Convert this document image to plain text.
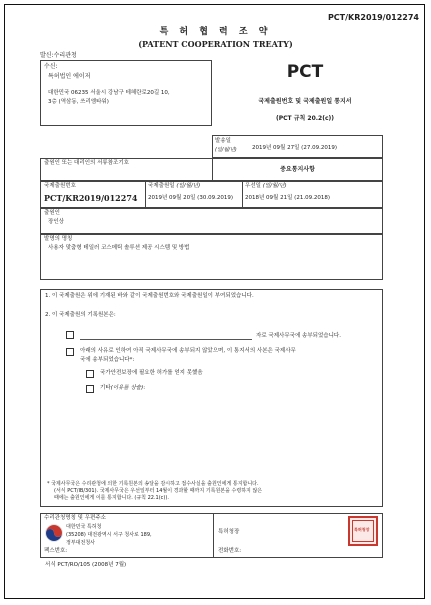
PCT/KR2019/012274
특 허 협 력 조 약
(PATENT COOPERATION TREATY)
발신:수리관청
수신:
특허법인 에이저
대한민국 06235 서울시 강남구 테헤란로20길 10,
3층 (역삼동, 쓰리엠타워)
PCT
국제출원번호 및 국제출원일 통지서
(PCT 규칙 20.2(c))
발송일
(일/월/년)	2019년 09월 27일 (27.09.2019)
출원인 또는 대리인의 서류참조기호
중요통지사항
국제출원번호
PCT/KR2019/012274
국제출원일 (일/월/년)
2019년 09월 20일 (30.09.2019)
우선일 (일/월/년)
2018년 09월 21일 (21.09.2018)
출원인
장인상
발명의 명칭
사용자 맞춤형 테일러 코스메틱 솔루션 제공 시스템 및 방법
1. 이 국제출원은 위에 기재된 바와 같이 국제출원번호와 국제출원일이 부여되었습니다.
2. 이 국제출원의 기록원본은:
자로 국제사무국에 송부되었습니다.
아래의 사유로 인하여 아직 국제사무국에 송부되지 않았으며, 이 통지서의 사본은 국제사무
국에 송부되었습니다*:
국가안전보장에 필요한 허가를 얻지 못했음
기타(이유를 상술):
* 국제사무국은 수리관청에 의한 기록원본의 송달을 감시하고 접수사실을 출원인에게 통지합니다.
(서식 PCT/IB/301). 국제사무국은 우선일부터 14월이 경과할 때까지 기록원본을 수령하지 않은
때에는 출원인에게 이를 통지합니다. (규칙 22.1(c)).
수리관청명칭 및 우편주소
대한민국 특허청
(35208) 대전광역시 서구 청사로 189,
정부대전청사
팩스번호:
특허청장
전화번호:
특허청장
서식 PCT/RO/105 (2008년 7월)
